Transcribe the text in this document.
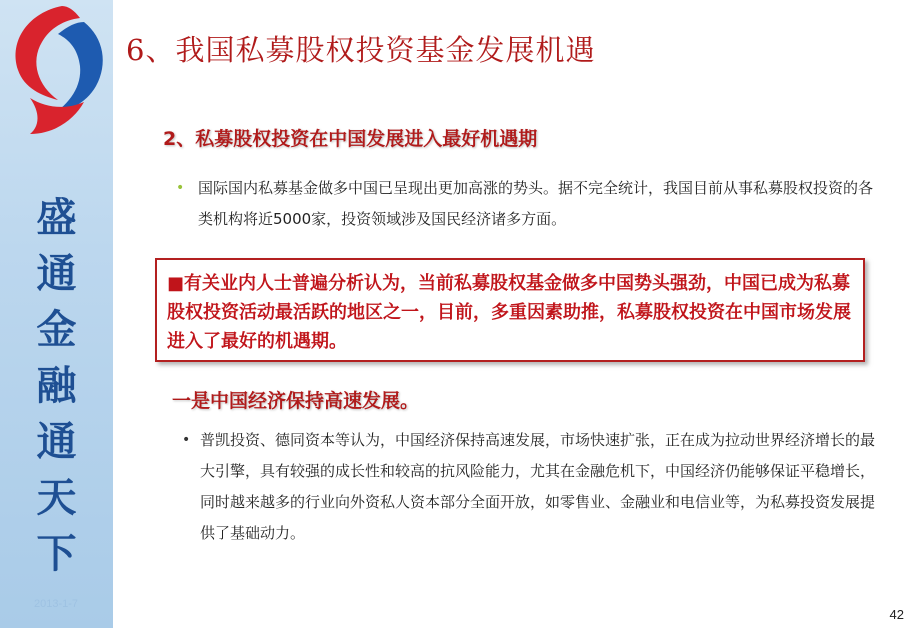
盛
通
金
融
通
天
下
2013-1-7
6、我国私募股权投资基金发展机遇
2、私募股权投资在中国发展进入最好机遇期
• 国际国内私募基金做多中国已呈现出更加高涨的势头。据不完全统计，我国目前从事私募股权投资的各类机构将近5000家，投资领域涉及国民经济诸多方面。
■有关业内人士普遍分析认为，当前私募股权基金做多中国势头强劲，中国已成为私募股权投资活动最活跃的地区之一，目前，多重因素助推，私募股权投资在中国市场发展进入了最好的机遇期。
一是中国经济保持高速发展。
• 普凯投资、德同资本等认为，中国经济保持高速发展，市场快速扩张，正在成为拉动世界经济增长的最大引擎，具有较强的成长性和较高的抗风险能力，尤其在金融危机下，中国经济仍能够保证平稳增长，同时越来越多的行业向外资私人资本部分全面开放，如零售业、金融业和电信业等，为私募投资发展提供了基础动力。
42
